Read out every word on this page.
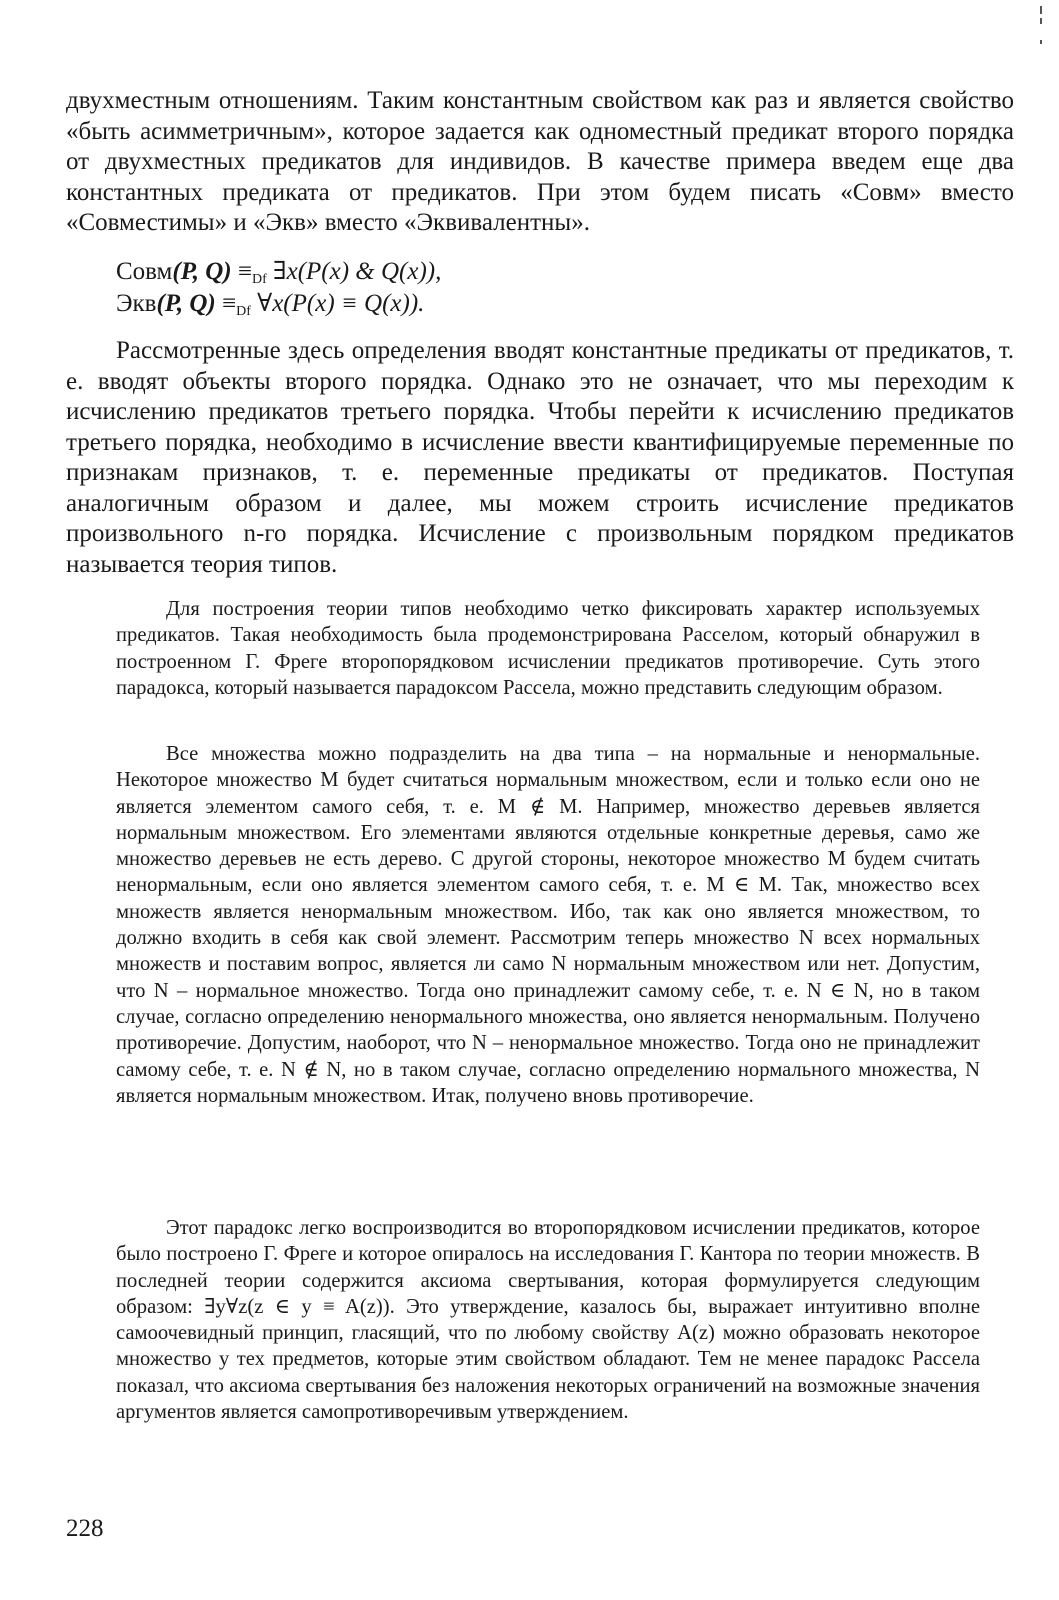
двухместным отношениям. Таким константным свойством как раз и является свойство «быть асимметричным», которое задается как одноместный предикат второго порядка от двухместных предикатов для индивидов. В качестве примера введем еще два константных предиката от предикатов. При этом будем писать «Совм» вместо «Совместимы» и «Экв» вместо «Эквивалентны».

Совм(P, $Q) \equiv_{Df}$ ∃x(P(x) & Q(x)),
Экв(P, $Q) \equiv_{Df}$ ∀x(P(x) ≡ Q(x)).

Рассмотренные здесь определения вводят константные предикаты от предикатов, т. е. вводят объекты второго порядка. Однако это не означает, что мы переходим к исчислению предикатов третьего порядка. Чтобы перейти к исчислению предикатов третьего порядка, необходимо в исчисление ввести квантифицируемые переменные по признакам признаков, т. е. переменные предикаты от предикатов. Поступая аналогичным образом и далее, мы можем строить исчисление предикатов произвольного n-го порядка. Исчисление с произвольным порядком предикатов называется теория типов.

Для построения теории типов необходимо четко фиксировать характер используемых предикатов. Такая необходимость была продемонстрирована Расселом, который обнаружил в построенном Г. Фреге второпорядковом исчислении предикатов противоречие. Суть этого парадокса, который называется парадоксом Рассела, можно представить следующим образом.

Все множества можно подразделить на два типа – на нормальные и ненормальные. Некоторое множество M будет считаться нормальным множеством, если и только если оно не является элементом самого себя, т. е. M ∉ M. Например, множество деревьев является нормальным множеством. Его элементами являются отдельные конкретные деревья, само же множество деревьев не есть дерево. С другой стороны, некоторое множество M будем считать ненормальным, если оно является элементом самого себя, т. е. M ∈ M. Так, множество всех множеств является ненормальным множеством. Ибо, так как оно является множеством, то должно входить в себя как свой элемент. Рассмотрим теперь множество N всех нормальных множеств и поставим вопрос, является ли само N нормальным множеством или нет. Допустим, что N – нормальное множество. Тогда оно принадлежит самому себе, т. е. N ∈ N, но в таком случае, согласно определению ненормального множества, оно является ненормальным. Получено противоречие. Допустим, наоборот, что N – ненормальное множество. Тогда оно не принадлежит самому себе, т. е. N ∉ N, но в таком случае, согласно определению нормального множества, N является нормальным множеством. Итак, получено вновь противоречие.

Этот парадокс легко воспроизводится во второпорядковом исчислении предикатов, которое было построено Г. Фреге и которое опиралось на исследования Г. Кантора по теории множеств. В последней теории содержится аксиома свертывания, которая формулируется следующим образом: ∃y∀z(z ∈ y ≡ A(z)). Это утверждение, казалось бы, выражает интуитивно вполне самоочевидный принцип, гласящий, что по любому свойству A(z) можно образовать некоторое множество y тех предметов, которые этим свойством обладают. Тем не менее парадокс Рассела показал, что аксиома свертывания без наложения некоторых ограничений на возможные значения аргументов является самопротиворечивым утверждением.

228
